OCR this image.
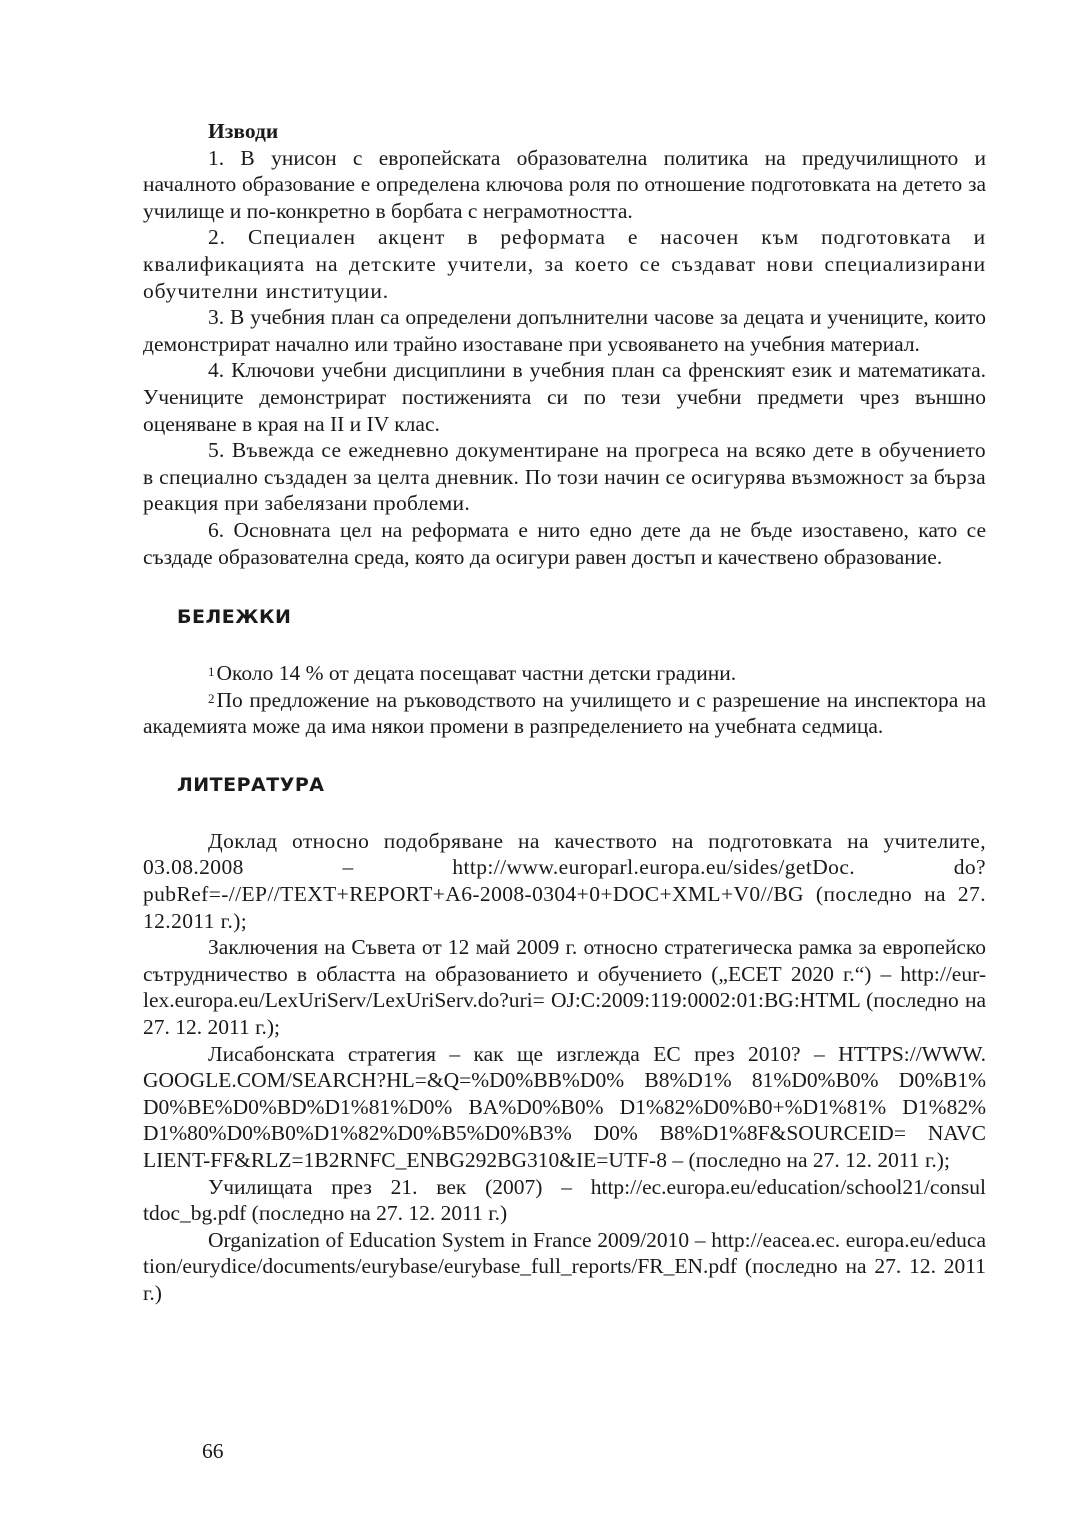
Изводи

1. В унисон с европейската образователна политика на предучилищното и началното образование е определена ключова роля по отношение подготовката на детето за училище и по-конкретно в борбата с неграмотността.

2. Специален акцент в реформата е насочен към подготовката и квалификацията на детските учители, за което се създават нови специализирани обучителни институции.

3. В учебния план са определени допълнителни часове за децата и учениците, които демонстрират начално или трайно изоставане при усвояването на учебния материал.

4. Ключови учебни дисциплини в учебния план са френският език и математиката. Учениците демонстрират постиженията си по тези учебни предмети чрез външно оценяване в края на II и IV клас.

5. Въвежда се ежедневно документиране на прогреса на всяко дете в обучението в специално създаден за целта дневник. По този начин се осигурява възможност за бърза реакция при забелязани проблеми.

6. Основната цел на реформата е нито едно дете да не бъде изоставено, като се създаде образователна среда, която да осигури равен достъп и качествено образование.

БЕЛЕЖКИ

$^1$Около 14 % от децата посещават частни детски градини.

$^2$По предложение на ръководството на училището и с разрешение на инспектора на академията може да има някои промени в разпределението на учебната седмица.

ЛИТЕРАТУРА

Доклад относно подобряване на качеството на подготовката на учителите, 03.08.2008 – http://www.europarl.europa.eu/sides/getDoc. do?pubRef=-//EP//TEXT+REPORT+A6-2008-0304+0+DOC+XML+V0//BG (последно на 27. 12.2011 г.);

Заключения на Съвета от 12 май 2009 г. относно стратегическа рамка за европейско сътрудничество в областта на образованието и обучението („ЕСЕТ 2020 г.“) – http://eur-lex.europa.eu/LexUriServ/LexUriServ.do?uri= OJ:C:2009:119:0002:01:BG:HTML (последно на 27. 12. 2011 г.);

Лисабонската стратегия – как ще изглежда ЕС през 2010? – HTTPS://WWW. GOOGLE.COM/SEARCH?HL=&Q=%D0%BB%D0% B8%D1% 81%D0%B0% D0%B1% D0%BE%D0%BD%D1%81%D0% BA%D0%B0% D1%82%D0%B0+%D1%81% D1%82% D1%80%D0%B0%D1%82%D0%B5%D0%B3% D0% B8%D1%8F&SOURCEID= NAVC LIENT-FF&RLZ=1B2RNFC_ENBG292BG310&IE=UTF-8 – (последно на 27. 12. 2011 г.);

Училищата през 21. век (2007) – http://ec.europa.eu/education/school21/consul tdoc_bg.pdf (последно на 27. 12. 2011 г.)

Organization of Education System in France 2009/2010 – http://eacea.ec. europa.eu/educa tion/eurydice/documents/eurybase/eurybase_full_reports/FR_EN.pdf (последно на 27. 12. 2011 г.)

66
